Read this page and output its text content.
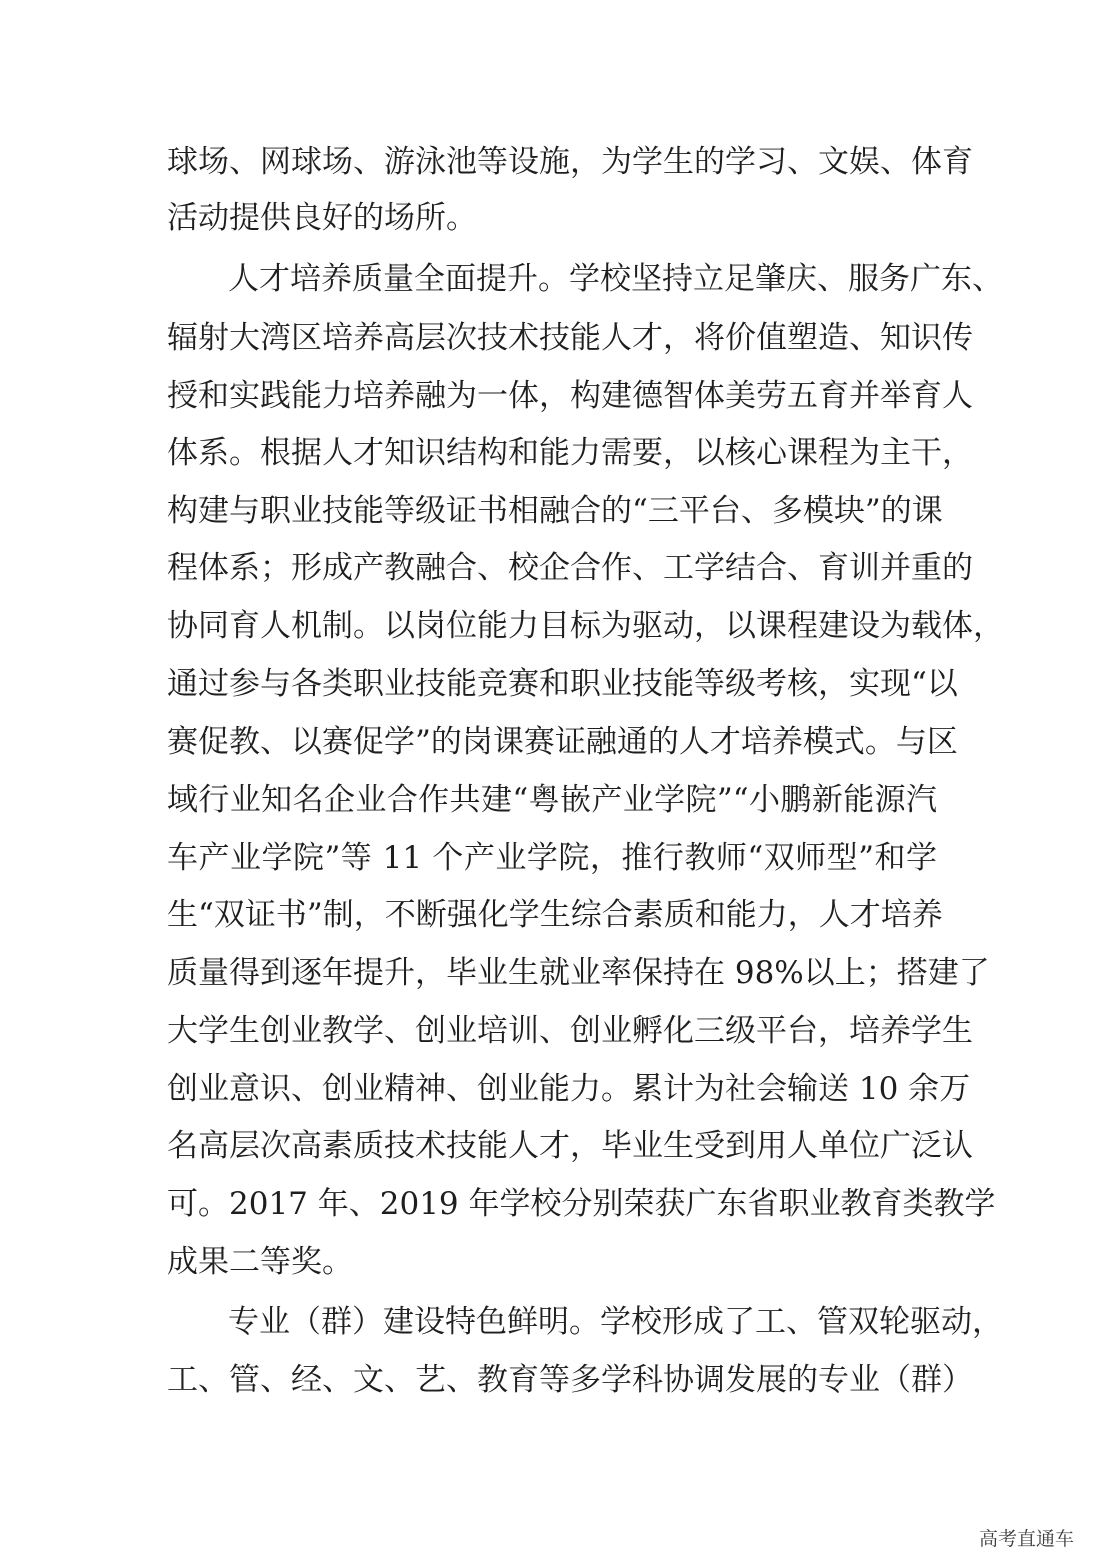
球场、网球场、游泳池等设施，为学生的学习、文娱、体育
活动提供良好的场所。
人才培养质量全面提升。学校坚持立足肇庆、服务广东、
辐射大湾区培养高层次技术技能人才，将价值塑造、知识传
授和实践能力培养融为一体，构建德智体美劳五育并举育人
体系。根据人才知识结构和能力需要，以核心课程为主干，
构建与职业技能等级证书相融合的“三平台、多模块”的课
程体系；形成产教融合、校企合作、工学结合、育训并重的
协同育人机制。以岗位能力目标为驱动，以课程建设为载体，
通过参与各类职业技能竞赛和职业技能等级考核，实现“以
赛促教、以赛促学”的岗课赛证融通的人才培养模式。与区
域行业知名企业合作共建“粤嵌产业学院”“小鹏新能源汽
车产业学院”等 11 个产业学院，推行教师“双师型”和学
生“双证书”制，不断强化学生综合素质和能力，人才培养
质量得到逐年提升，毕业生就业率保持在 98%以上；搭建了
大学生创业教学、创业培训、创业孵化三级平台，培养学生
创业意识、创业精神、创业能力。累计为社会输送 10 余万
名高层次高素质技术技能人才，毕业生受到用人单位广泛认
可。2017 年、2019 年学校分别荣获广东省职业教育类教学
成果二等奖。
专业（群）建设特色鲜明。学校形成了工、管双轮驱动，
工、管、经、文、艺、教育等多学科协调发展的专业（群）
高考直通车
